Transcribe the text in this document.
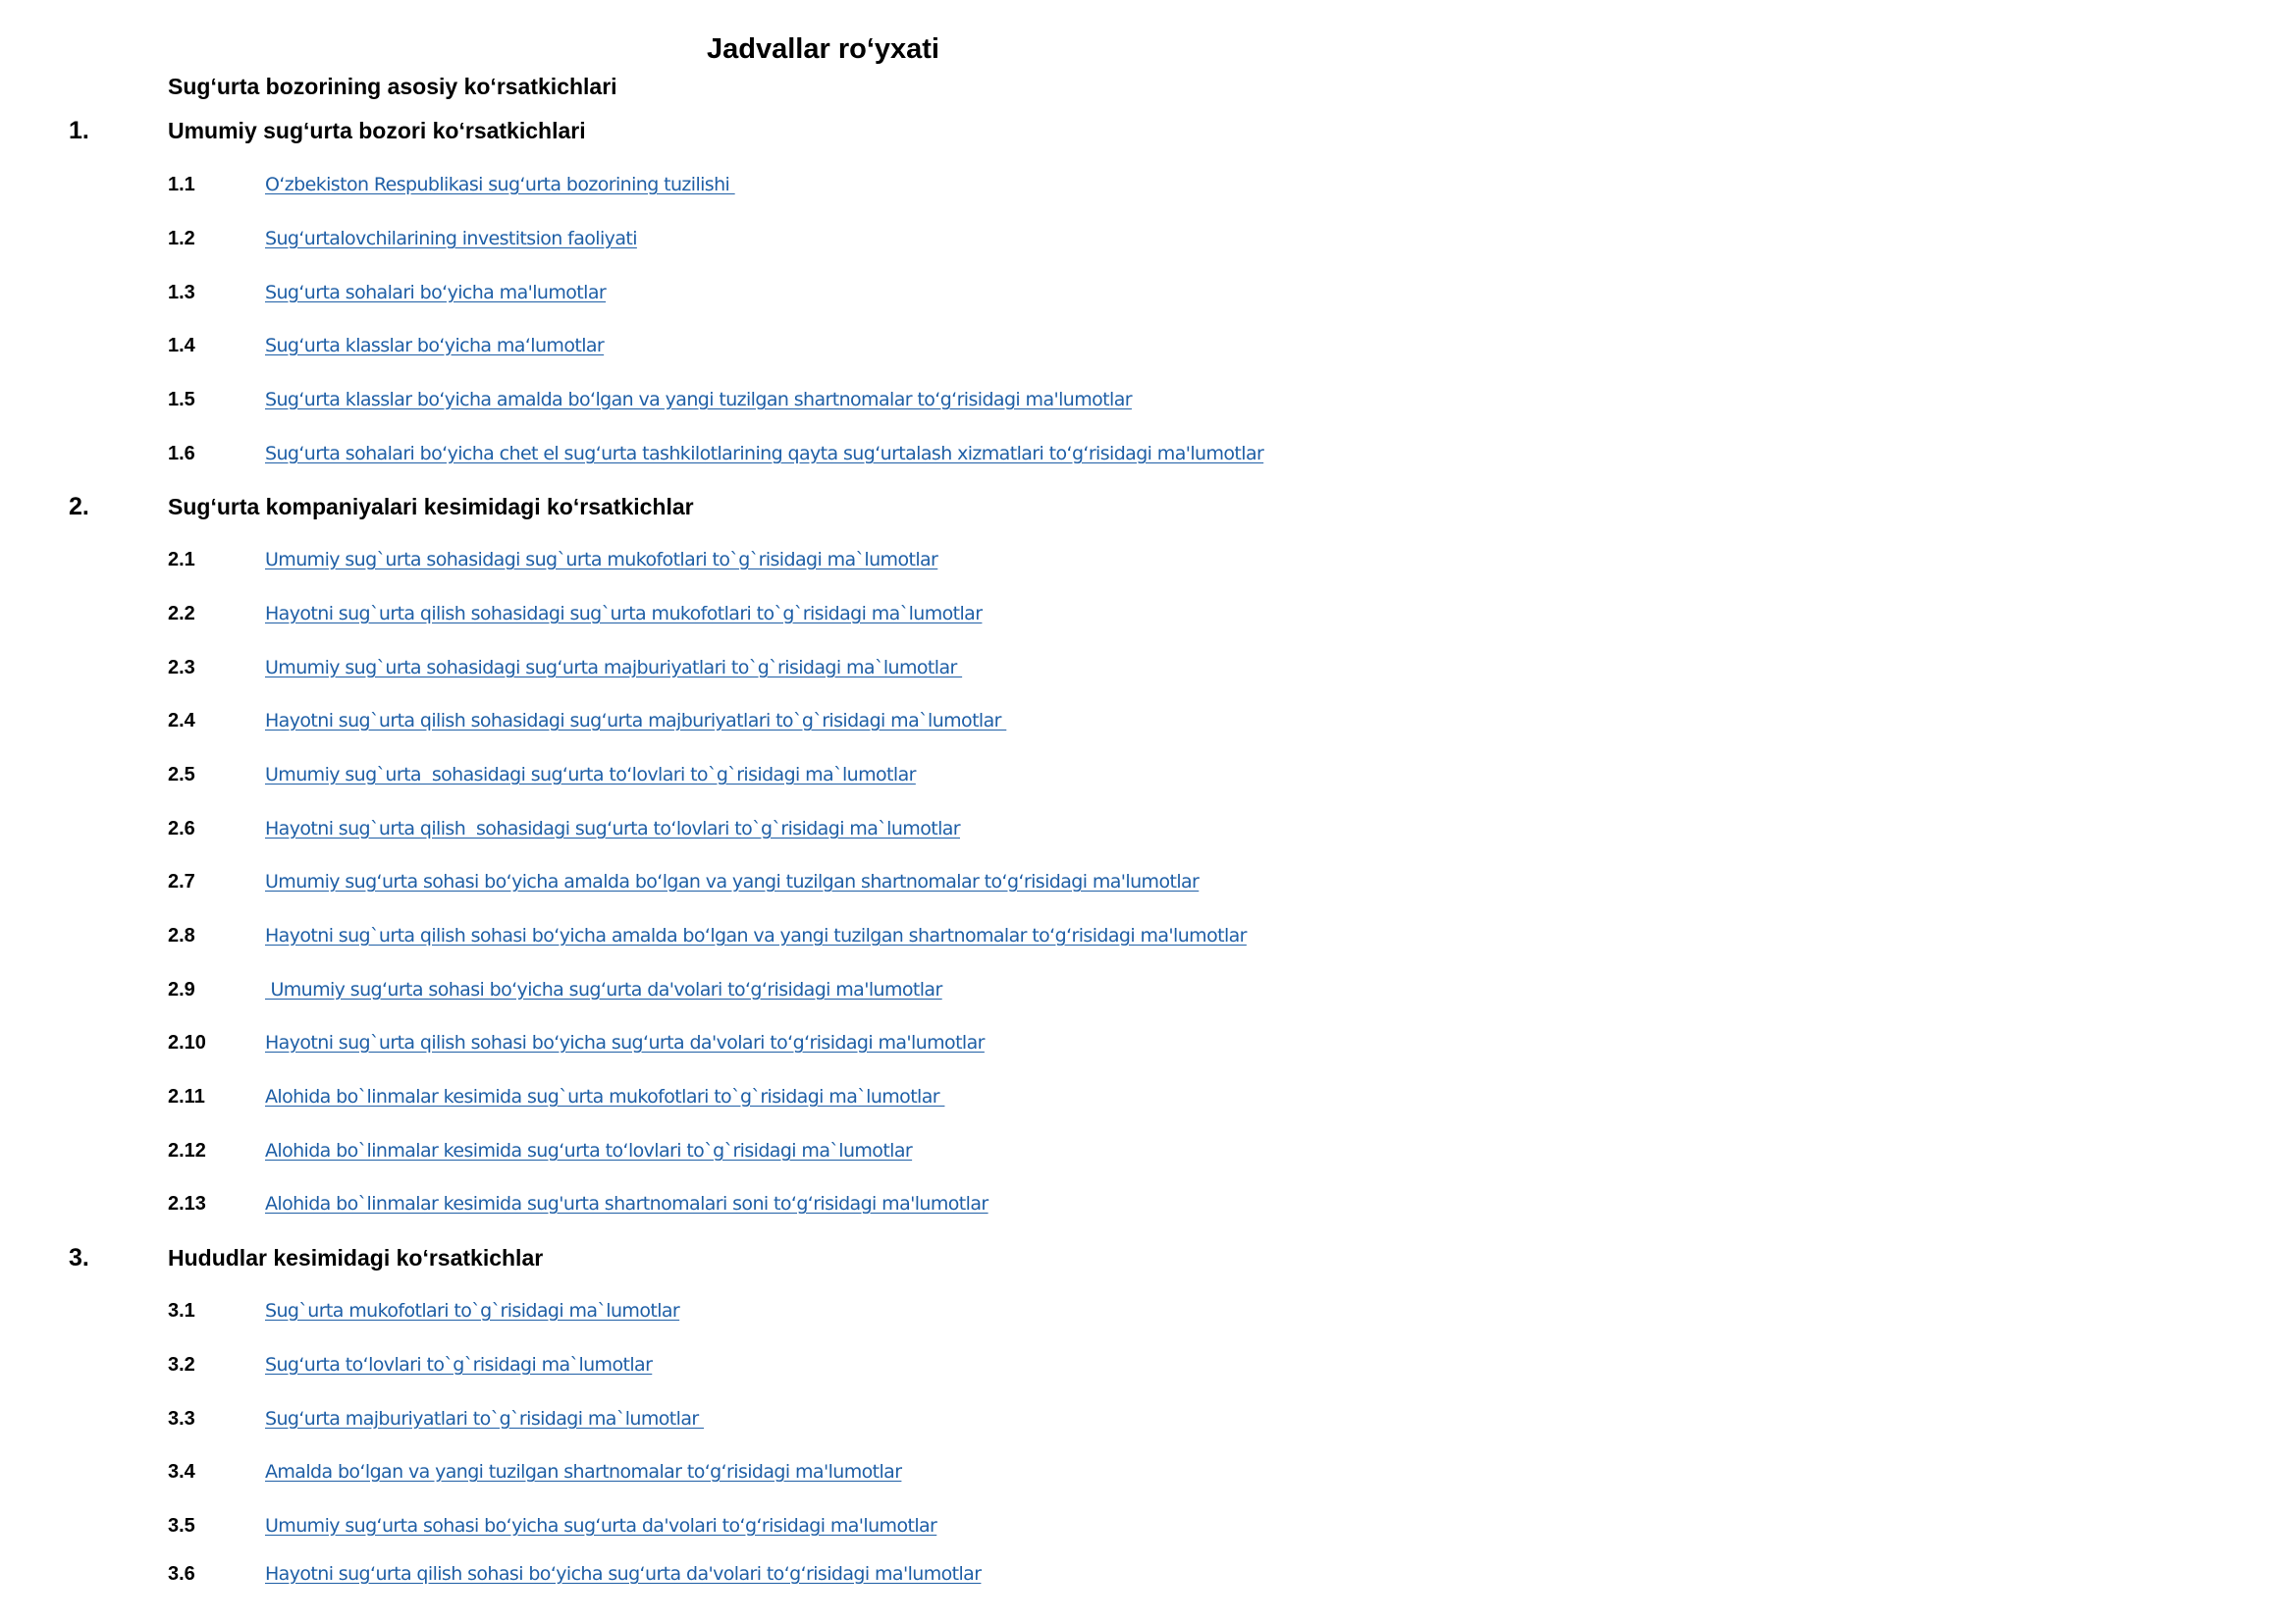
Jadvallar ro‘yxati
Sug‘urta bozorining asosiy ko‘rsatkichlari
1.	Umumiy sug‘urta bozori ko‘rsatkichlari
1.1	O‘zbekiston Respublikasi sug‘urta bozorining tuzilishi
1.2	Sug‘urtalovchilarining investitsion faoliyati
1.3	Sug‘urta sohalari bo‘yicha ma'lumotlar
1.4	Sug‘urta klasslar bo‘yicha ma‘lumotlar
1.5	Sug‘urta klasslar bo‘yicha amalda bo‘lgan va yangi tuzilgan shartnomalar to‘g‘risidagi ma'lumotlar
1.6	Sug‘urta sohalari bo‘yicha chet el sug‘urta tashkilotlarining qayta sug‘urtalash xizmatlari to‘g‘risidagi ma'lumotlar
2.	Sug‘urta kompaniyalari kesimidagi ko‘rsatkichlar
2.1	Umumiy sug`urta sohasidagi sug`urta mukofotlari to`g`risidagi ma`lumotlar
2.2	Hayotni sug`urta qilish sohasidagi sug`urta mukofotlari to`g`risidagi ma`lumotlar
2.3	Umumiy sug`urta sohasidagi sug‘urta majburiyatlari to`g`risidagi ma`lumotlar
2.4	Hayotni sug`urta qilish sohasidagi sug‘urta majburiyatlari to`g`risidagi ma`lumotlar
2.5	Umumiy sug`urta  sohasidagi sug‘urta to‘lovlari to`g`risidagi ma`lumotlar
2.6	Hayotni sug`urta qilish  sohasidagi sug‘urta to‘lovlari to`g`risidagi ma`lumotlar
2.7	Umumiy sug‘urta sohasi bo‘yicha amalda bo‘lgan va yangi tuzilgan shartnomalar to‘g‘risidagi ma'lumotlar
2.8	Hayotni sug`urta qilish sohasi bo‘yicha amalda bo‘lgan va yangi tuzilgan shartnomalar to‘g‘risidagi ma'lumotlar
2.9	Umumiy sug‘urta sohasi bo‘yicha sug‘urta da'volari to‘g‘risidagi ma'lumotlar
2.10	Hayotni sug`urta qilish sohasi bo‘yicha sug‘urta da'volari to‘g‘risidagi ma'lumotlar
2.11	Alohida bo`linmalar kesimida sug`urta mukofotlari to`g`risidagi ma`lumotlar
2.12	Alohida bo`linmalar kesimida sug‘urta to‘lovlari to`g`risidagi ma`lumotlar
2.13	Alohida bo`linmalar kesimida sug'urta shartnomalari soni to‘g‘risidagi ma'lumotlar
3.	Hududlar kesimidagi ko‘rsatkichlar
3.1	Sug`urta mukofotlari to`g`risidagi ma`lumotlar
3.2	Sug‘urta to‘lovlari to`g`risidagi ma`lumotlar
3.3	Sug‘urta majburiyatlari to`g`risidagi ma`lumotlar
3.4	Amalda bo‘lgan va yangi tuzilgan shartnomalar to‘g‘risidagi ma'lumotlar
3.5	Umumiy sug‘urta sohasi bo‘yicha sug‘urta da'volari to‘g‘risidagi ma'lumotlar
3.6	Hayotni sug‘urta qilish sohasi bo‘yicha sug‘urta da'volari to‘g‘risidagi ma'lumotlar
